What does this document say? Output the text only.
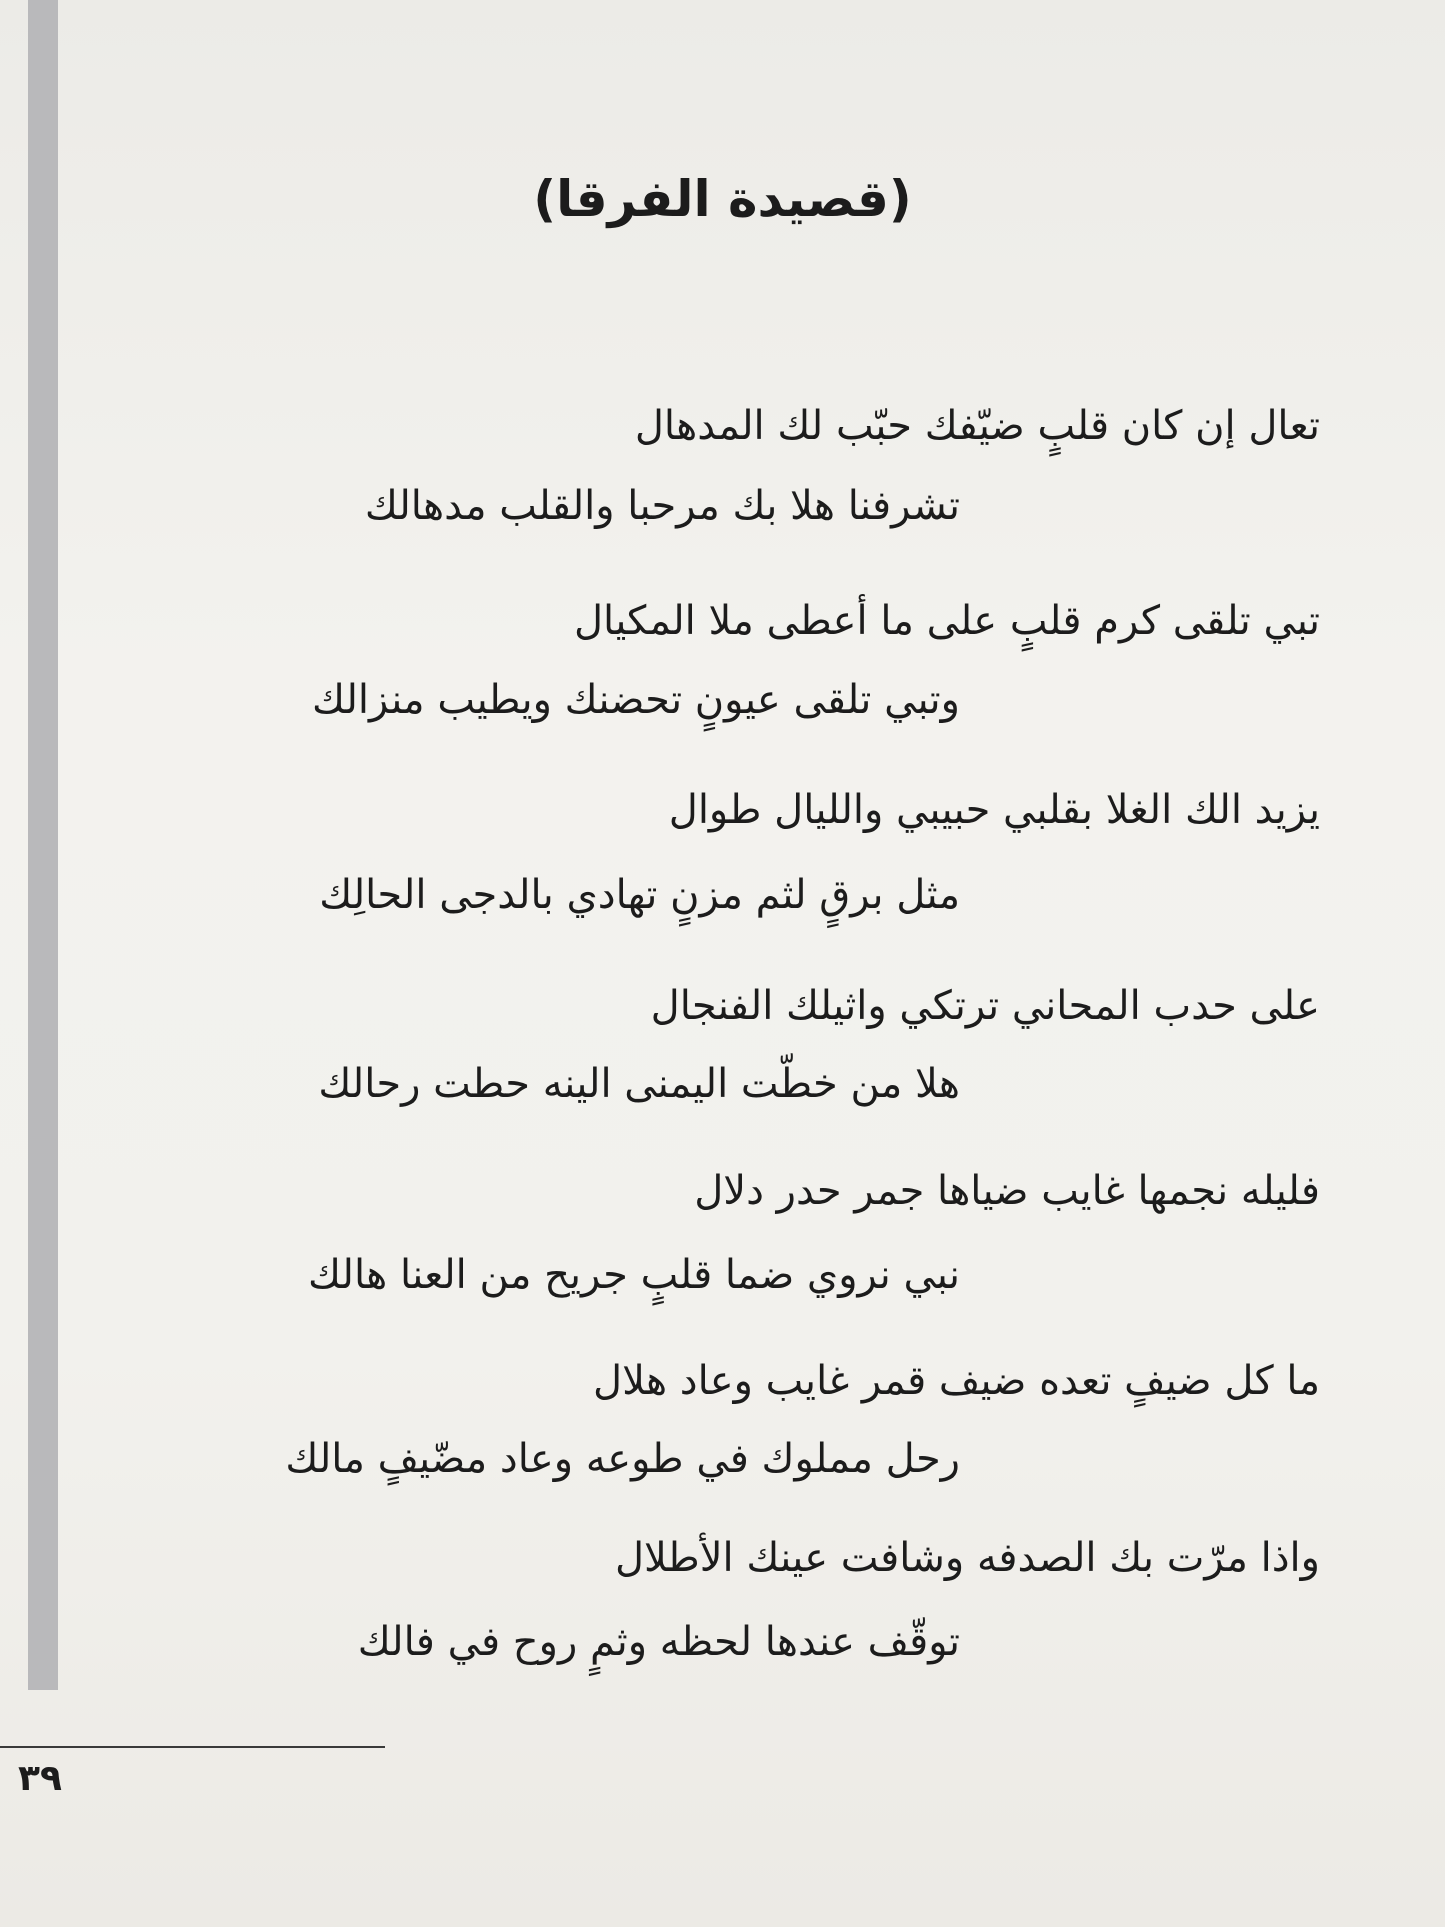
(قصيدة الفرقا)
تعال إن كان قلبٍ ضيّفك حبّب لك المدهال
تشرفنا هلا بك مرحبا والقلب مدهالك
تبي تلقى كرم قلبٍ على ما أعطى ملا المكيال
وتبي تلقى عيونٍ تحضنك ويطيب منزالك
يزيد الك الغلا بقلبي حبيبي والليال طوال
مثل برقٍ لثم مزنٍ تهادي بالدجى الحالِك
على حدب المحاني ترتكي واثيلك الفنجال
هلا من خطّت اليمنى الينه حطت رحالك
فليله نجمها غايب ضياها جمر حدر دلال
نبي نروي ضما قلبٍ جريح من العنا هالك
ما كل ضيفٍ تعده ضيف قمر غايب وعاد هلال
رحل مملوك في طوعه وعاد مضّيفٍ مالك
واذا مرّت بك الصدفه وشافت عينك الأطلال
توقّف عندها لحظه وثمٍ روح في فالك
٣٩
